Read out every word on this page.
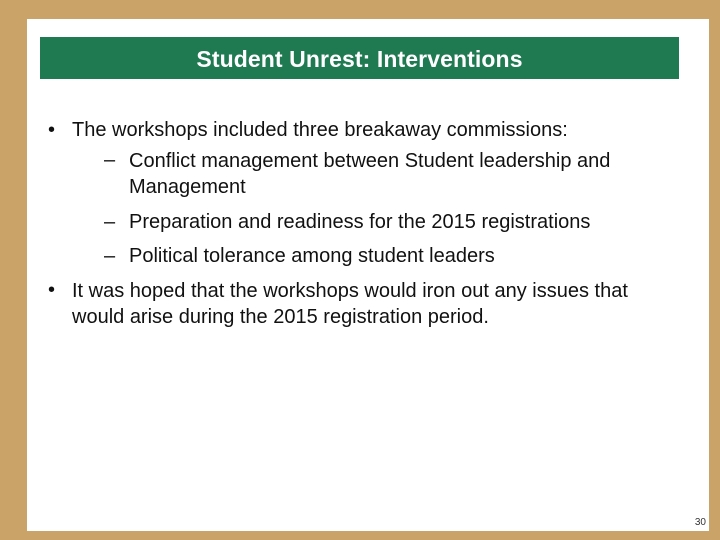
Student Unrest: Interventions
• The workshops included three breakaway commissions:
– Conflict management between Student leadership and Management
– Preparation and readiness for the 2015 registrations
– Political tolerance among student leaders
• It was hoped that the workshops would iron out any issues that would arise during the 2015 registration period.
30
